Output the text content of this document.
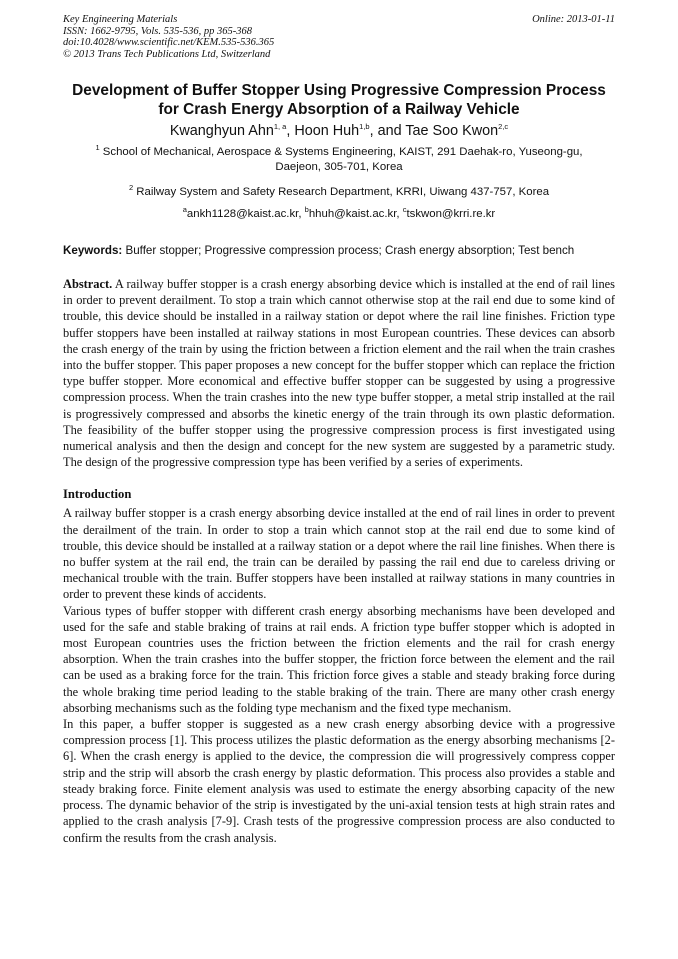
Key Engineering Materials	Online: 2013-01-11
ISSN: 1662-9795, Vols. 535-536, pp 365-368
doi:10.4028/www.scientific.net/KEM.535-536.365
© 2013 Trans Tech Publications Ltd, Switzerland
Development of Buffer Stopper Using Progressive Compression Process
for Crash Energy Absorption of a Railway Vehicle
Kwanghyun Ahn$^{1, a}$, Hoon Huh$^{1,b}$, and Tae Soo Kwon$^{2,c}$
$^1$ School of Mechanical, Aerospace & Systems Engineering, KAIST, 291 Daehak-ro, Yuseong-gu,
Daejeon, 305-701, Korea
$^2$ Railway System and Safety Research Department, KRRI, Uiwang 437-757, Korea
$^a$ankh1128@kaist.ac.kr, $^b$hhuh@kaist.ac.kr, $^c$tskwon@krri.re.kr
Keywords: Buffer stopper; Progressive compression process; Crash energy absorption; Test bench
Abstract. A railway buffer stopper is a crash energy absorbing device which is installed at the end of rail lines in order to prevent derailment. To stop a train which cannot otherwise stop at the rail end due to some kind of trouble, this device should be installed in a railway station or depot where the rail line finishes. Friction type buffer stoppers have been installed at railway stations in most European countries. These devices can absorb the crash energy of the train by using the friction between a friction element and the rail when the train crashes into the buffer stopper. This paper proposes a new concept for the buffer stopper which can replace the friction type buffer stopper. More economical and effective buffer stopper can be suggested by using a progressive compression process. When the train crashes into the new type buffer stopper, a metal strip installed at the rail is progressively compressed and absorbs the kinetic energy of the train through its own plastic deformation. The feasibility of the buffer stopper using the progressive compression process is first investigated using numerical analysis and then the design and concept for the new system are suggested by a parametric study. The design of the progressive compression type has been verified by a series of experiments.
Introduction

A railway buffer stopper is a crash energy absorbing device installed at the end of rail lines in order to prevent the derailment of the train. In order to stop a train which cannot stop at the rail end due to some kind of trouble, this device should be installed at a railway station or a depot where the rail line finishes. When there is no buffer system at the rail end, the train can be derailed by passing the rail end due to careless driving or mechanical trouble with the train. Buffer stoppers have been installed at railway stations in many countries in order to prevent these kinds of accidents.

Various types of buffer stopper with different crash energy absorbing mechanisms have been developed and used for the safe and stable braking of trains at rail ends. A friction type buffer stopper which is adopted in most European countries uses the friction between the friction elements and the rail for crash energy absorption. When the train crashes into the buffer stopper, the friction force between the element and the rail can be used as a braking force for the train. This friction force gives a stable and steady braking force during the whole braking time period leading to the stable braking of the train. There are many other crash energy absorbing mechanisms such as the folding type mechanism and the fixed type mechanism.

In this paper, a buffer stopper is suggested as a new crash energy absorbing device with a progressive compression process [1]. This process utilizes the plastic deformation as the energy absorbing mechanisms [2-6]. When the crash energy is applied to the device, the compression die will progressively compress copper strip and the strip will absorb the crash energy by plastic deformation. This process also provides a stable and steady braking force. Finite element analysis was used to estimate the energy absorbing capacity of the new process. The dynamic behavior of the strip is investigated by the uni-axial tension tests at high strain rates and applied to the crash analysis [7-9]. Crash tests of the progressive compression process are also conducted to confirm the results from the crash analysis.
